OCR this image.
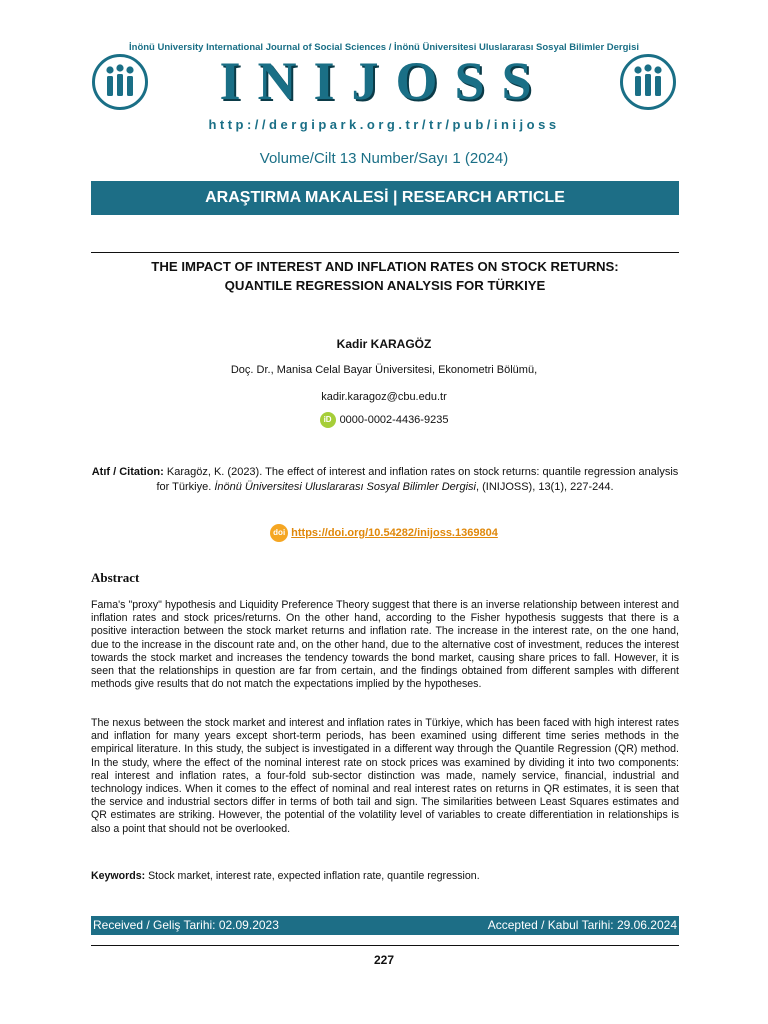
İnönü University International Journal of Social Sciences / İnönü Üniversitesi Uluslararası Sosyal Bilimler Dergisi
INIJOSS
http://dergipark.org.tr/tr/pub/inijoss
Volume/Cilt 13 Number/Sayı 1 (2024)
ARAŞTIRMA MAKALESİ | RESEARCH ARTICLE
THE IMPACT OF INTEREST AND INFLATION RATES ON STOCK RETURNS:
QUANTILE REGRESSION ANALYSIS FOR TÜRKIYE
Kadir KARAGÖZ
Doç. Dr., Manisa Celal Bayar Üniversitesi, Ekonometri Bölümü,
kadir.karagoz@cbu.edu.tr
iD 0000-0002-4436-9235
Atıf / Citation: Karagöz, K. (2023). The effect of interest and inflation rates on stock returns: quantile regression analysis for Türkiye. İnönü Üniversitesi Uluslararası Sosyal Bilimler Dergisi, (INIJOSS), 13(1), 227-244.
doi https://doi.org/10.54282/inijoss.1369804
Abstract
Fama's "proxy" hypothesis and Liquidity Preference Theory suggest that there is an inverse relationship between interest and inflation rates and stock prices/returns. On the other hand, according to the Fisher hypothesis suggests that there is a positive interaction between the stock market returns and inflation rate. The increase in the interest rate, on the one hand, due to the increase in the discount rate and, on the other hand, due to the alternative cost of investment, reduces the interest towards the stock market and increases the tendency towards the bond market, causing share prices to fall. However, it is seen that the relationships in question are far from certain, and the findings obtained from different samples with different methods give results that do not match the expectations implied by the hypotheses.
The nexus between the stock market and interest and inflation rates in Türkiye, which has been faced with high interest rates and inflation for many years except short-term periods, has been examined using different time series methods in the empirical literature. In this study, the subject is investigated in a different way through the Quantile Regression (QR) method. In the study, where the effect of the nominal interest rate on stock prices was examined by dividing it into two components: real interest and inflation rates, a four-fold sub-sector distinction was made, namely service, financial, industrial and technology indices. When it comes to the effect of nominal and real interest rates on returns in QR estimates, it is seen that the service and industrial sectors differ in terms of both tail and sign. The similarities between Least Squares estimates and QR estimates are striking. However, the potential of the volatility level of variables to create differentiation in relationships is also a point that should not be overlooked.
Keywords: Stock market, interest rate, expected inflation rate, quantile regression.
Received / Geliş Tarihi: 02.09.2023	Accepted / Kabul Tarihi: 29.06.2024
227
